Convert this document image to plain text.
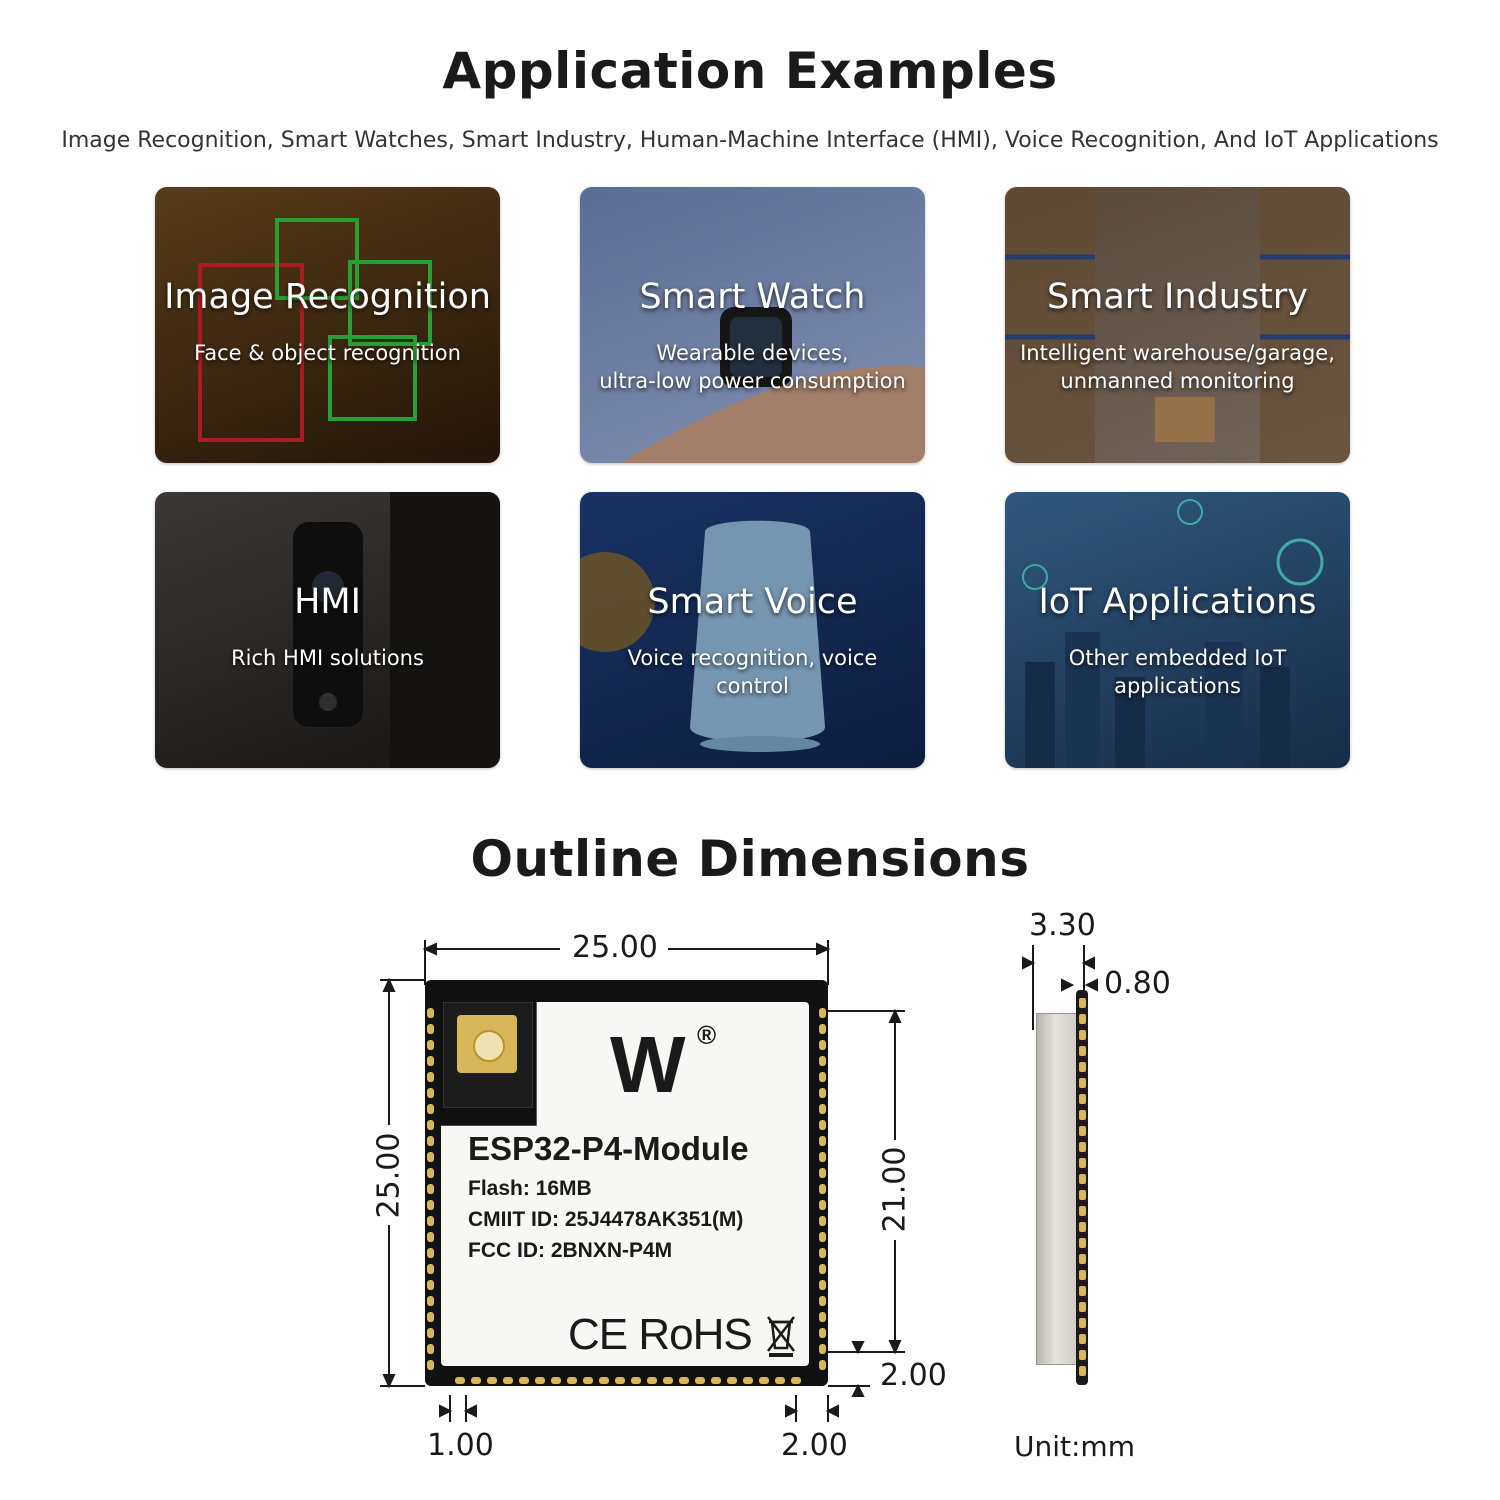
Application Examples
Image Recognition, Smart Watches, Smart Industry, Human-Machine Interface (HMI), Voice Recognition, And IoT Applications
Image Recognition
Face & object recognition
Smart Watch
Wearable devices,
ultra-low power consumption
Smart Industry
Intelligent warehouse/garage,
unmanned monitoring
HMI
Rich HMI solutions
Smart Voice
Voice recognition, voice control
IoT Applications
Other embedded IoT
applications
Outline Dimensions
W ®
ESP32-P4-Module
Flash: 16MB
CMIIT ID: 25J4478AK351(M)
FCC ID: 2BNXN-P4M
CE RoHS
25.00
25.00	21.00
2.00
1.00	2.00
3.30
0.80
Unit:mm
